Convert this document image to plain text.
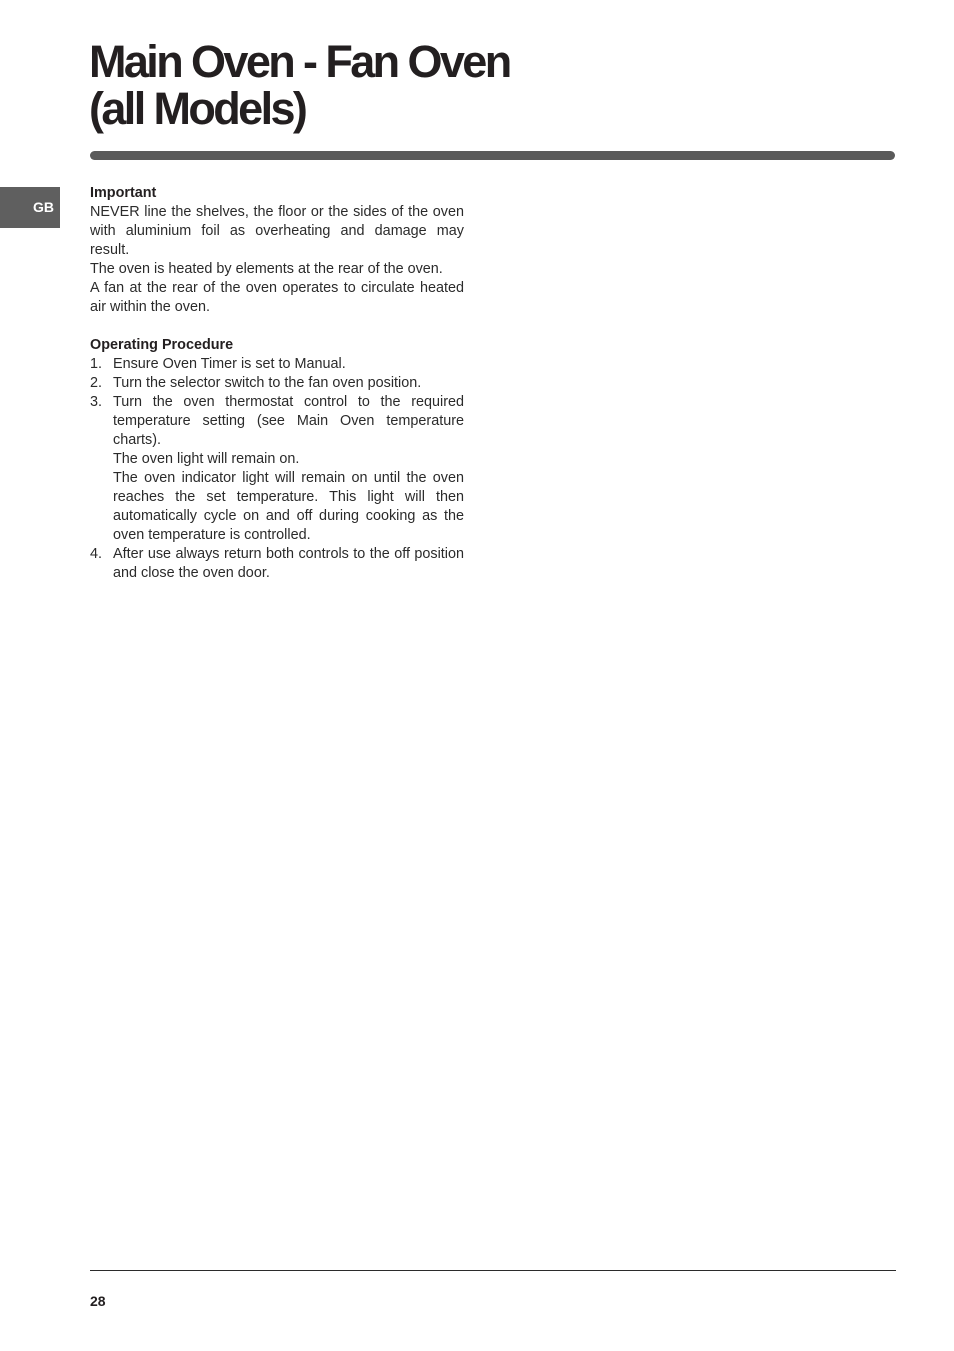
Main Oven - Fan Oven
(all Models)
GB

Important

NEVER line the shelves, the floor or the sides of the oven with aluminium foil as overheating and damage may result.

The oven is heated by elements at the rear of the oven.

A fan at the rear of the oven operates to circulate heated air within the oven.

Operating Procedure

1. Ensure Oven Timer is set to Manual.

2. Turn the selector switch to the fan oven position.

3. Turn the oven thermostat control to the required temperature setting (see Main Oven temperature charts).

The oven light will remain on.

The oven indicator light will remain on until the oven reaches the set temperature. This light will then automatically cycle on and off during cooking as the oven temperature is controlled.

4. After use always return both controls to the off position and close the oven door.

28
